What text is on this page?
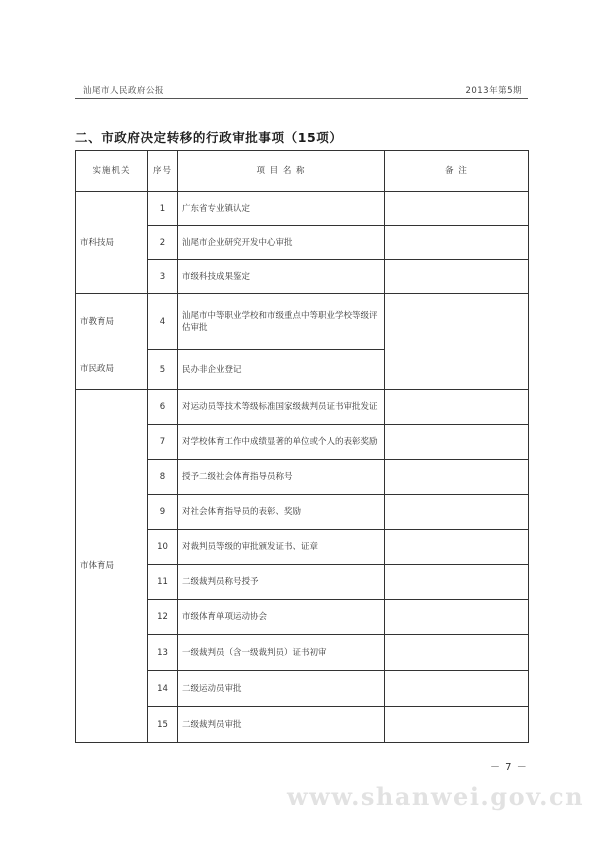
汕尾市人民政府公报	2013年第5期
二、市政府决定转移的行政审批事项（15项）
实施机关	序号	项 目 名 称	备 注
市科技局	1	广东省专业镇认定	
	2	汕尾市企业研究开发中心审批	
	3	市级科技成果鉴定	
市教育局	4	汕尾市中等职业学校和市级重点中等职业学校等级评估审批	
市民政局	5	民办非企业登记	
市体育局	6	对运动员等技术等级标准国家级裁判员证书审批发证	
	7	对学校体育工作中成绩显著的单位或个人的表彰奖励	
	8	授予二级社会体育指导员称号	
	9	对社会体育指导员的表彰、奖励	
	10	对裁判员等级的审批颁发证书、证章	
	11	二级裁判员称号授予	
	12	市级体育单项运动协会	
	13	一级裁判员（含一级裁判员）证书初审	
	14	二级运动员审批	
	15	二级裁判员审批	
－ 7 －
www.shanwei.gov.cn
